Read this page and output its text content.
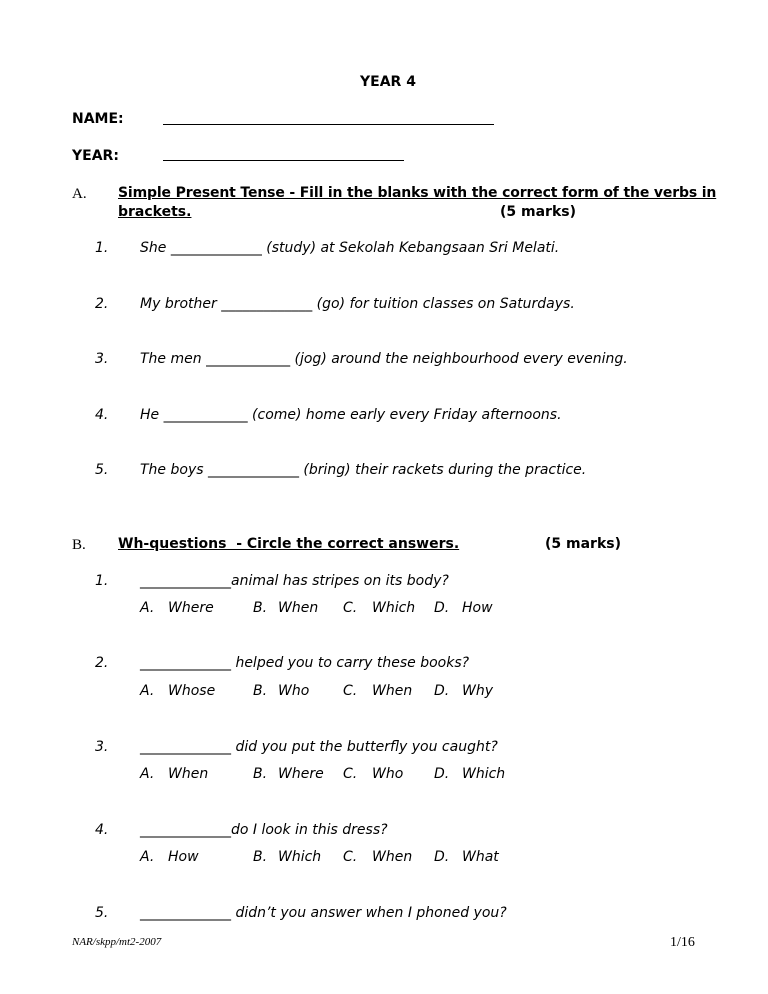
YEAR 4
NAME:
YEAR:
A. Simple Present Tense - Fill in the blanks with the correct form of the verbs in
brackets.	(5 marks)
1. She _____________ (study) at Sekolah Kebangsaan Sri Melati.
2. My brother _____________ (go) for tuition classes on Saturdays.
3. The men ____________ (jog) around the neighbourhood every evening.
4. He ____________ (come) home early every Friday afternoons.
5. The boys _____________ (bring) their rackets during the practice.
B. Wh-questions  - Circle the correct answers.	(5 marks)
1. _____________animal has stripes on its body?
A. Where	B. When C. Which D. How
2. _____________ helped you to carry these books?
A. Whose	B. Who C. When D. Why
3. _____________ did you put the butterfly you caught?
A. When	B. Where C. Who D. Which
4. _____________do I look in this dress?
A. How	B. Which C. When D. What
5. _____________ didn’t you answer when I phoned you?
NAR/skpp/mt2-2007	1/16
